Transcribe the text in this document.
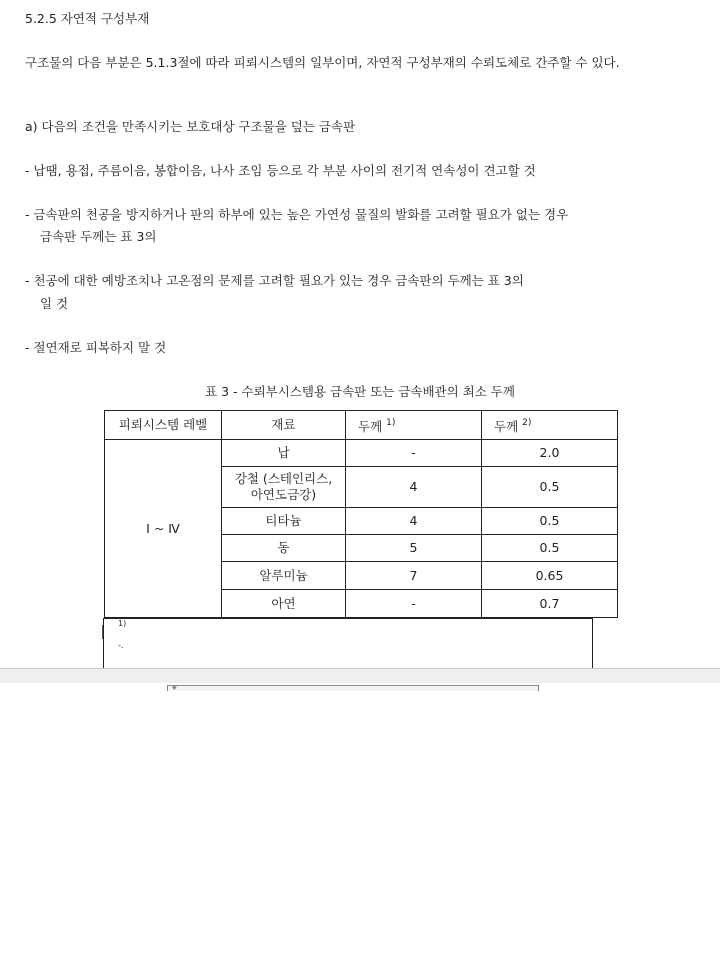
5.2.5 자연적 구성부재
구조물의 다음 부분은 5.1.3절에 따라 피뢰시스템의 일부이며, 자연적 구성부재의 수뢰도체로 간주할 수 있다.
a) 다음의 조건을 만족시키는 보호대상 구조물을 덮는 금속판
- 납땜, 용접, 주름이음, 봉합이음, 나사 조임 등으로 각 부분 사이의 전기적 연속성이 견고할 것
- 금속판의 천공을 방지하거나 판의 하부에 있는 높은 가연성 물질의 발화를 고려할 필요가 없는 경우
금속판 두께는 표 3의
- 천공에 대한 예방조치나 고온점의 문제를 고려할 필요가 있는 경우 금속판의 두께는 표 3의
일 것
- 절연재로 피복하지 말 것
표 3 - 수뢰부시스템용 금속판 또는 금속배관의 최소 두께
피뢰시스템 레벨	재료	두께 $^{1)}$	두께 $^{2)}$
Ⅰ ~ Ⅳ	납	-	2.0

	강철 (스테인리스,
아연도금강)	4	0.5
	티타늄	4	0.5
	동	5	0.5
	알루미늄	7	0.65
	아연	-	0.7
1)
-.
◆
